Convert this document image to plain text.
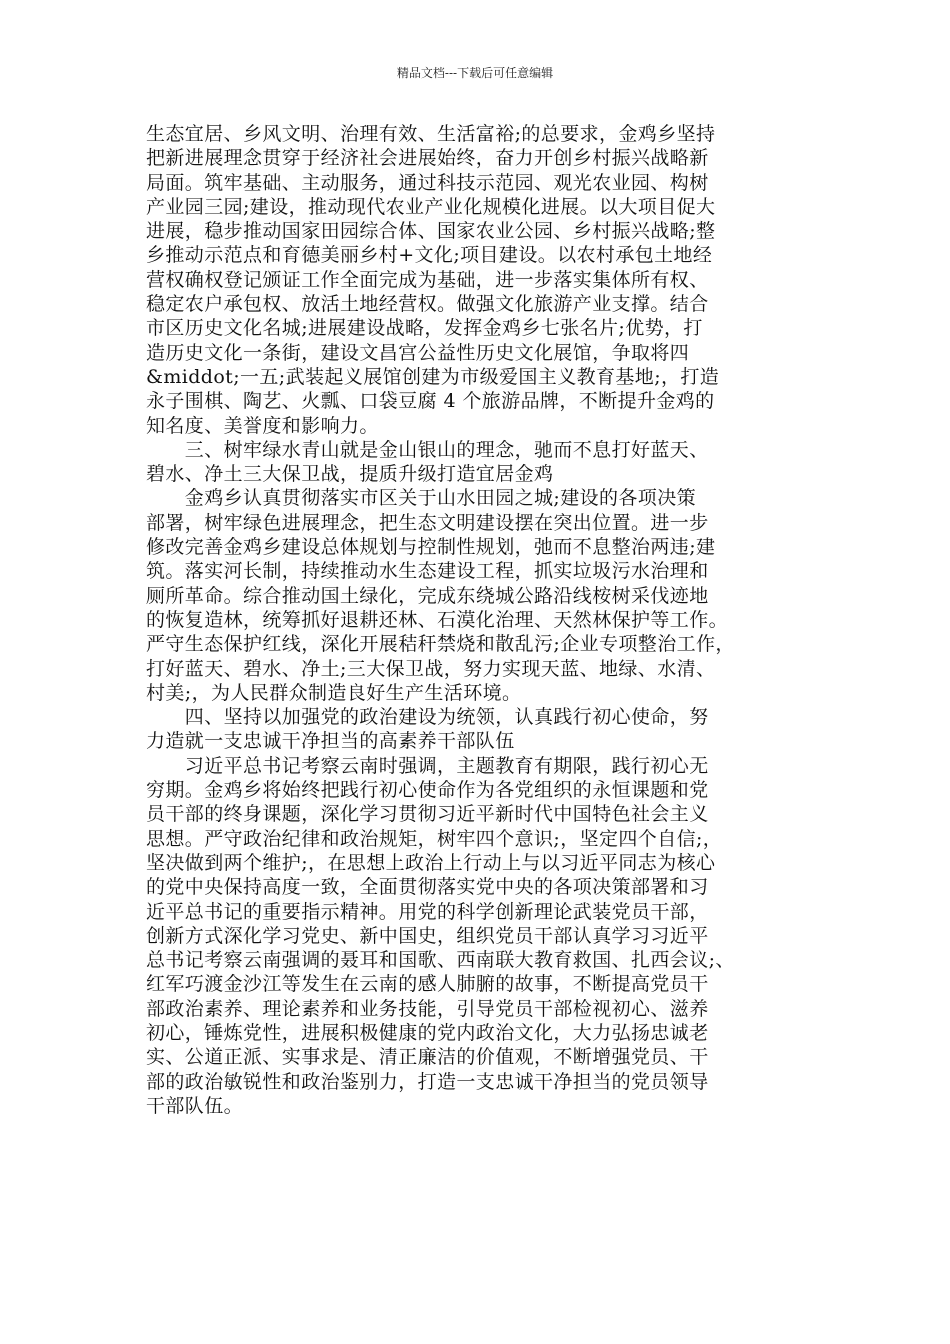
精品文档---下载后可任意编辑
生态宜居、乡风文明、治理有效、生活富裕;的总要求，金鸡乡坚持
把新进展理念贯穿于经济社会进展始终，奋力开创乡村振兴战略新
局面。筑牢基础、主动服务，通过科技示范园、观光农业园、构树
产业园三园;建设，推动现代农业产业化规模化进展。以大项目促大
进展，稳步推动国家田园综合体、国家农业公园、乡村振兴战略;整
乡推动示范点和育德美丽乡村+文化;项目建设。以农村承包土地经
营权确权登记颁证工作全面完成为基础，进一步落实集体所有权、
稳定农户承包权、放活土地经营权。做强文化旅游产业支撑。结合
市区历史文化名城;进展建设战略，发挥金鸡乡七张名片;优势，打
造历史文化一条街，建设文昌宫公益性历史文化展馆，争取将四
&middot;一五;武装起义展馆创建为市级爱国主义教育基地;，打造
永子围棋、陶艺、火瓢、口袋豆腐 4 个旅游品牌，不断提升金鸡的
知名度、美誉度和影响力。
　　三、树牢绿水青山就是金山银山的理念，驰而不息打好蓝天、
碧水、净土三大保卫战，提质升级打造宜居金鸡
　　金鸡乡认真贯彻落实市区关于山水田园之城;建设的各项决策
部署，树牢绿色进展理念，把生态文明建设摆在突出位置。进一步
修改完善金鸡乡建设总体规划与控制性规划，弛而不息整治两违;建
筑。落实河长制，持续推动水生态建设工程，抓实垃圾污水治理和
厕所革命。综合推动国土绿化，完成东绕城公路沿线桉树采伐迹地
的恢复造林，统筹抓好退耕还林、石漠化治理、天然林保护等工作。
严守生态保护红线，深化开展秸秆禁烧和散乱污;企业专项整治工作，
打好蓝天、碧水、净土;三大保卫战，努力实现天蓝、地绿、水清、
村美;，为人民群众制造良好生产生活环境。
　　四、坚持以加强党的政治建设为统领，认真践行初心使命，努
力造就一支忠诚干净担当的高素养干部队伍
　　习近平总书记考察云南时强调，主题教育有期限，践行初心无
穷期。金鸡乡将始终把践行初心使命作为各党组织的永恒课题和党
员干部的终身课题，深化学习贯彻习近平新时代中国特色社会主义
思想。严守政治纪律和政治规矩，树牢四个意识;，坚定四个自信;，
坚决做到两个维护;，在思想上政治上行动上与以习近平同志为核心
的党中央保持高度一致，全面贯彻落实党中央的各项决策部署和习
近平总书记的重要指示精神。用党的科学创新理论武装党员干部，
创新方式深化学习党史、新中国史，组织党员干部认真学习习近平
总书记考察云南强调的聂耳和国歌、西南联大教育救国、扎西会议;、
红军巧渡金沙江等发生在云南的感人肺腑的故事，不断提高党员干
部政治素养、理论素养和业务技能，引导党员干部检视初心、滋养
初心，锤炼党性，进展积极健康的党内政治文化，大力弘扬忠诚老
实、公道正派、实事求是、清正廉洁的价值观，不断增强党员、干
部的政治敏锐性和政治鉴别力，打造一支忠诚干净担当的党员领导
干部队伍。
